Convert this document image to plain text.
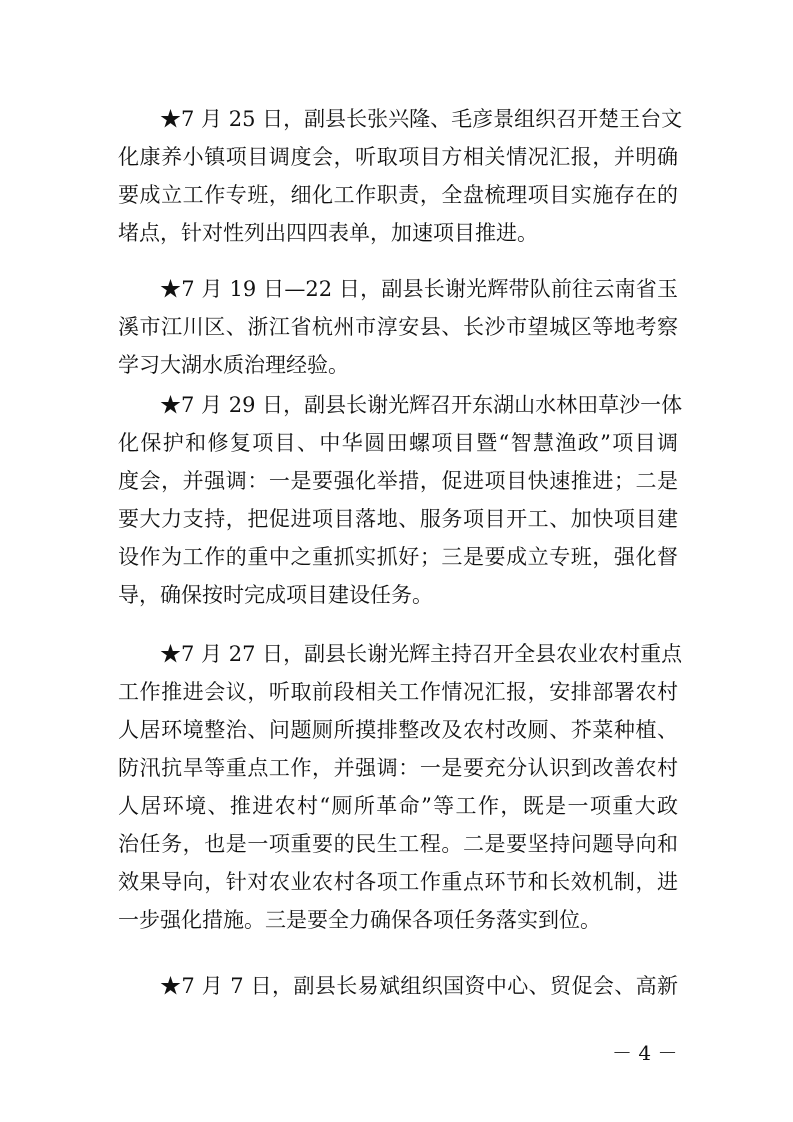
★7 月 25 日，副县长张兴隆、毛彦景组织召开楚王台文
化康养小镇项目调度会，听取项目方相关情况汇报，并明确
要成立工作专班，细化工作职责，全盘梳理项目实施存在的
堵点，针对性列出四四表单，加速项目推进。
★7 月 19 日—22 日，副县长谢光辉带队前往云南省玉
溪市江川区、浙江省杭州市淳安县、长沙市望城区等地考察
学习大湖水质治理经验。
★7 月 29 日，副县长谢光辉召开东湖山水林田草沙一体
化保护和修复项目、中华圆田螺项目暨“智慧渔政”项目调
度会，并强调：一是要强化举措，促进项目快速推进；二是
要大力支持，把促进项目落地、服务项目开工、加快项目建
设作为工作的重中之重抓实抓好；三是要成立专班，强化督
导，确保按时完成项目建设任务。
★7 月 27 日，副县长谢光辉主持召开全县农业农村重点
工作推进会议，听取前段相关工作情况汇报，安排部署农村
人居环境整治、问题厕所摸排整改及农村改厕、芥菜种植、
防汛抗旱等重点工作，并强调：一是要充分认识到改善农村
人居环境、推进农村“厕所革命”等工作，既是一项重大政
治任务，也是一项重要的民生工程。二是要坚持问题导向和
效果导向，针对农业农村各项工作重点环节和长效机制，进
一步强化措施。三是要全力确保各项任务落实到位。
★7 月 7 日，副县长易斌组织国资中心、贸促会、高新
－ 4 －
